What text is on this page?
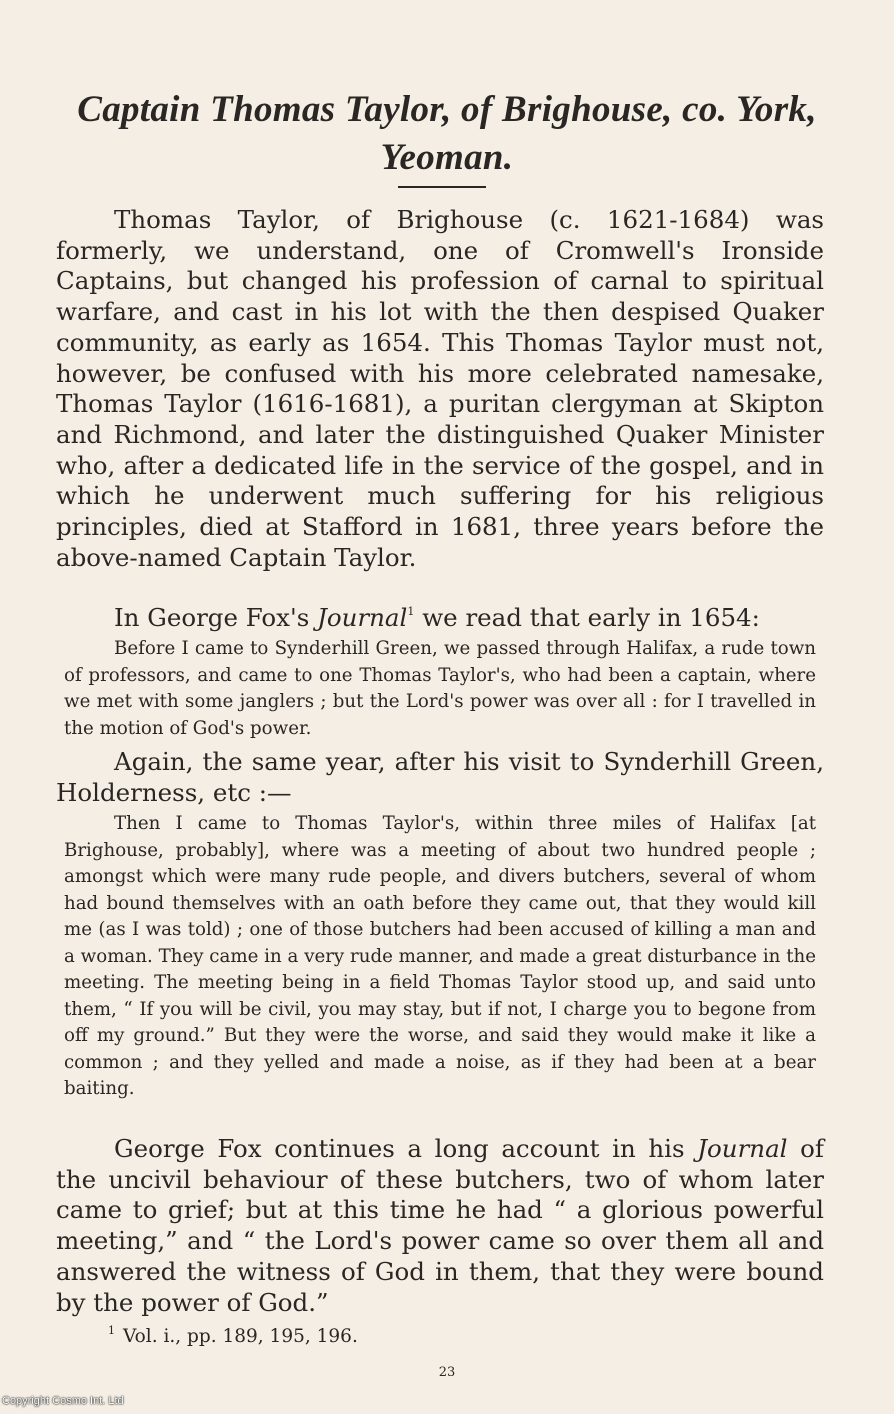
Captain Thomas Taylor, of Brighouse, co. York, Yeoman.
Thomas Taylor, of Brighouse (c. 1621-1684) was formerly, we understand, one of Cromwell's Ironside Captains, but changed his profession of carnal to spiritual warfare, and cast in his lot with the then despised Quaker community, as early as 1654. This Thomas Taylor must not, however, be confused with his more celebrated namesake, Thomas Taylor (1616-1681), a puritan clergyman at Skipton and Richmond, and later the distinguished Quaker Minister who, after a dedicated life in the service of the gospel, and in which he underwent much suffering for his religious principles, died at Stafford in 1681, three years before the above-named Captain Taylor.
In George Fox's Journal$^1$ we read that early in 1654:
Before I came to Synderhill Green, we passed through Halifax, a rude town of professors, and came to one Thomas Taylor's, who had been a captain, where we met with some janglers ; but the Lord's power was over all : for I travelled in the motion of God's power.
Again, the same year, after his visit to Synderhill Green, Holderness, etc :—
Then I came to Thomas Taylor's, within three miles of Halifax [at Brighouse, probably], where was a meeting of about two hundred people ; amongst which were many rude people, and divers butchers, several of whom had bound themselves with an oath before they came out, that they would kill me (as I was told) ; one of those butchers had been accused of killing a man and a woman. They came in a very rude manner, and made a great disturbance in the meeting. The meeting being in a field Thomas Taylor stood up, and said unto them, “ If you will be civil, you may stay, but if not, I charge you to begone from off my ground.” But they were the worse, and said they would make it like a common ; and they yelled and made a noise, as if they had been at a bear baiting.
George Fox continues a long account in his Journal of the uncivil behaviour of these butchers, two of whom later came to grief; but at this time he had “ a glorious powerful meeting,” and “ the Lord's power came so over them all and answered the witness of God in them, that they were bound by the power of God.”
$^1$ Vol. i., pp. 189, 195, 196.
23
Copyright Cosmo Int. Ltd
